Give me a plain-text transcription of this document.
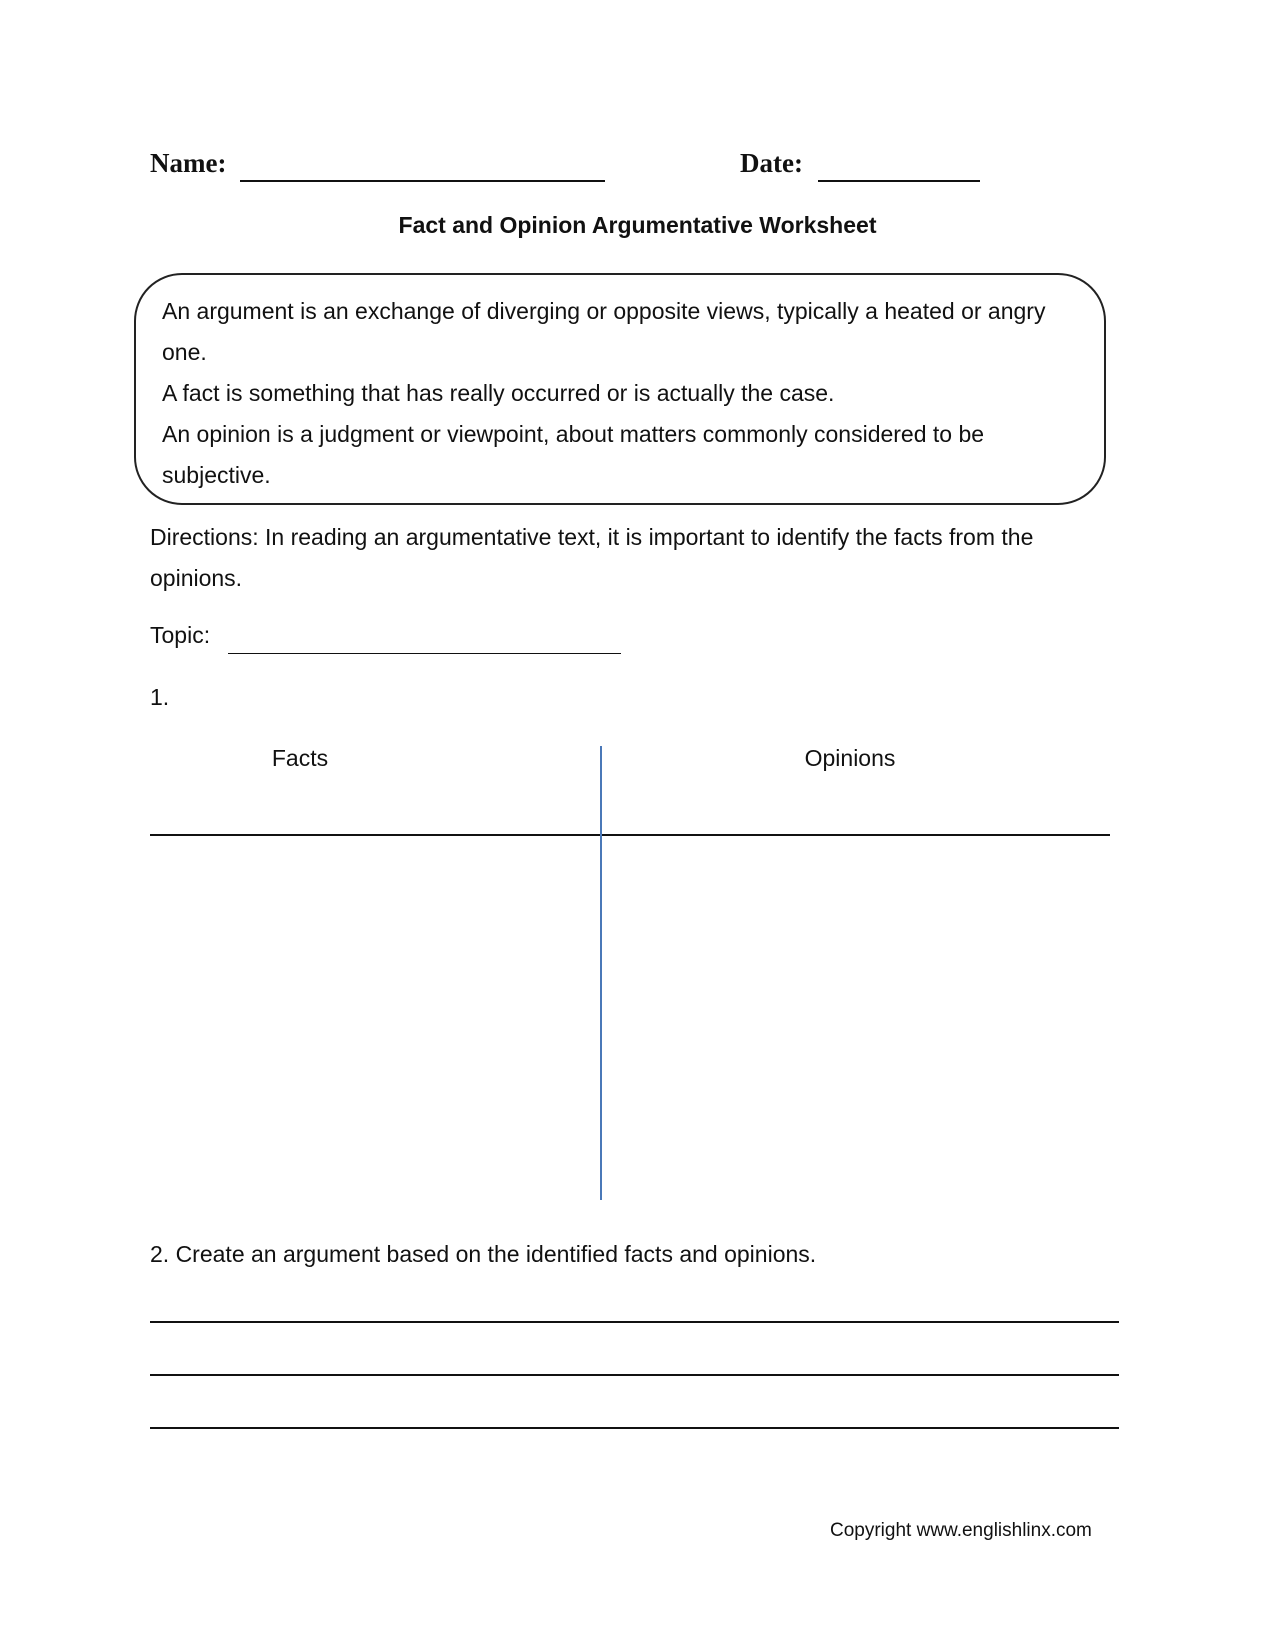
Name:	Date:
Fact and Opinion Argumentative Worksheet
An argument is an exchange of diverging or opposite views, typically a heated or angry one.
A fact is something that has really occurred or is actually the case.
An opinion is a judgment or viewpoint, about matters commonly considered to be subjective.
Directions: In reading an argumentative text, it is important to identify the facts from the opinions.
Topic:
1.
Facts	Opinions
2. Create an argument based on the identified facts and opinions.
Copyright www.englishlinx.com
